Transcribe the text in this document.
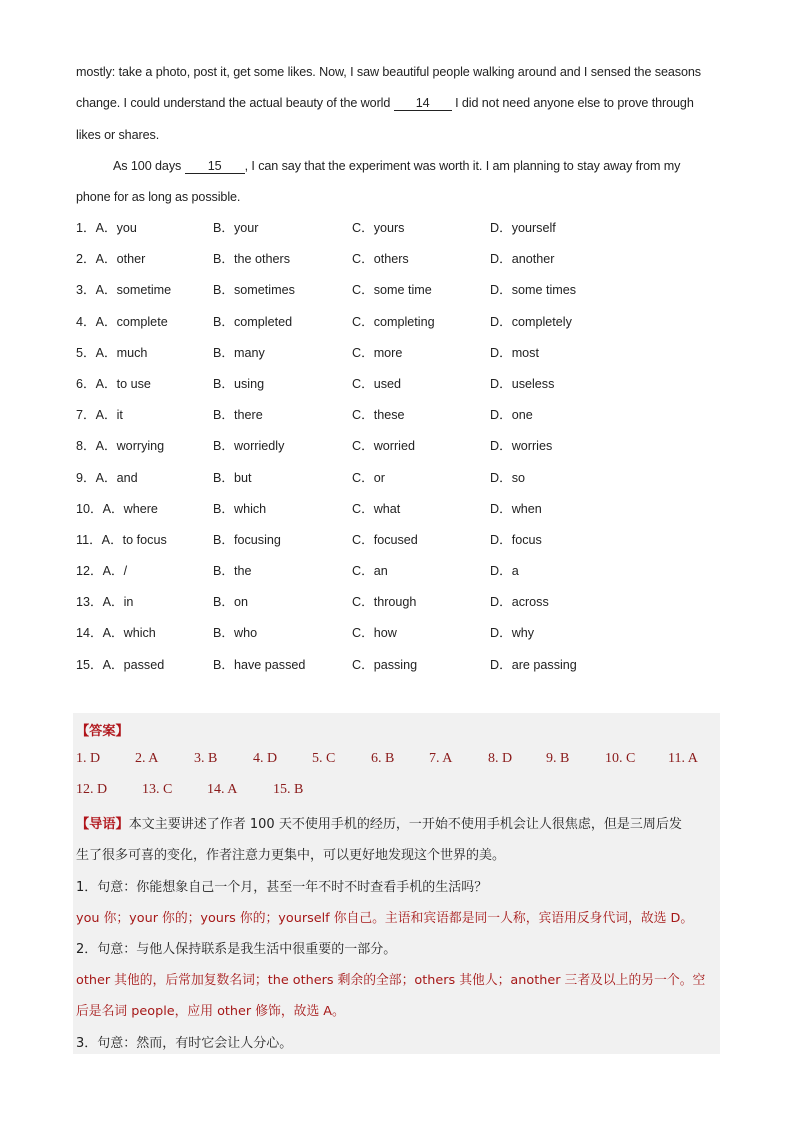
mostly: take a photo, post it, get some likes. Now, I saw beautiful people walking around and I sensed the seasons
change. I could understand the actual beauty of the world 14 I did not need anyone else to prove through
likes or shares.
As 100 days 15 , I can say that the experiment was worth it. I am planning to stay away from my
phone for as long as possible.
1．A．you	B．your	C．yours	D．yourself
2．A．other	B．the others	C．others	D．another
3．A．sometime	B．sometimes	C．some time	D．some times
4．A．complete	B．completed	C．completing	D．completely
5．A．much	B．many	C．more	D．most
6．A．to use	B．using	C．used	D．useless
7．A．it	B．there	C．these	D．one
8．A．worrying	B．worriedly	C．worried	D．worries
9．A．and	B．but	C．or	D．so
10．A．where	B．which	C．what	D．when
11．A．to focus	B．focusing	C．focused	D．focus
12．A．/	B．the	C．an	D．a
13．A．in	B．on	C．through	D．across
14．A．which	B．who	C．how	D．why
15．A．passed	B．have passed	C．passing	D．are passing
【答案】
1. D 2. A	3. B	4. D 5. C	6. B 7. A	8. D 9. B	10. C 11. A
12. D 13. C 14. A	15. B
【导语】本文主要讲述了作者 100 天不使用手机的经历，一开始不使用手机会让人很焦虑，但是三周后发
生了很多可喜的变化，作者注意力更集中，可以更好地发现这个世界的美。
1．句意：你能想象自己一个月，甚至一年不时不时查看手机的生活吗？
you 你；your 你的；yours 你的；yourself 你自己。主语和宾语都是同一人称，宾语用反身代词，故选 D。
2．句意：与他人保持联系是我生活中很重要的一部分。
other 其他的，后常加复数名词；the others 剩余的全部；others 其他人；another 三者及以上的另一个。空
后是名词 people，应用 other 修饰，故选 A。
3．句意：然而，有时它会让人分心。
